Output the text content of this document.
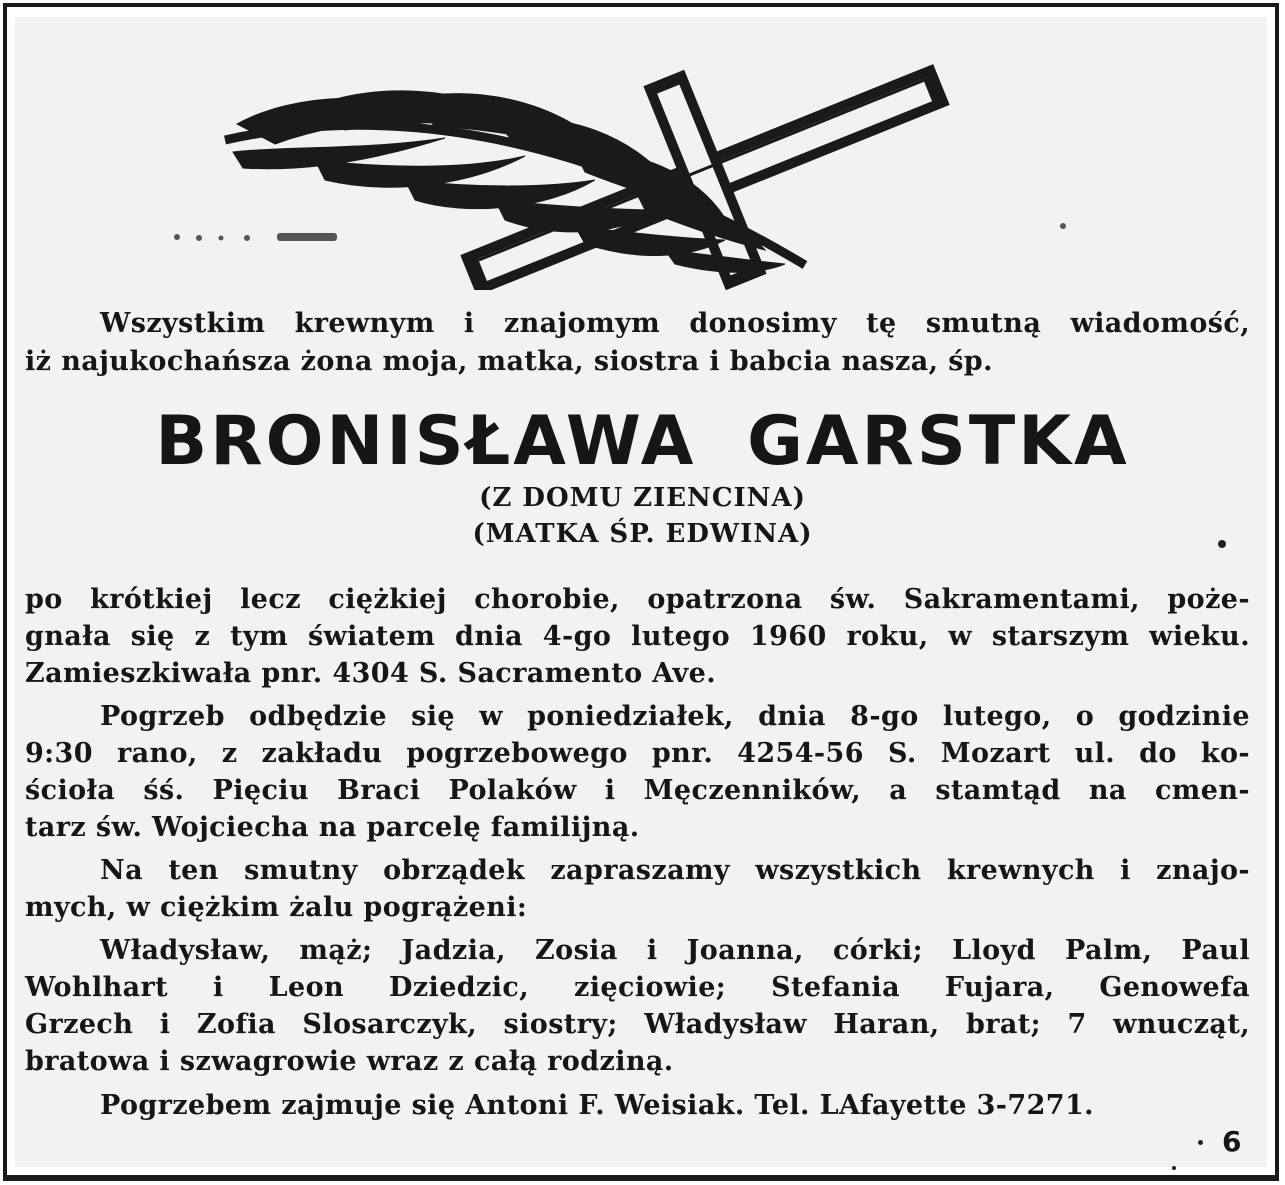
Wszystkim krewnym i znajomym donosimy tę smutną wiadomość,
iż najukochańsza żona moja, matka, siostra i babcia nasza, śp.
BRONISŁAWA GARSTKA
(Z DOMU ZIENCINA)
(MATKA ŚP. EDWINA)
po krótkiej lecz ciężkiej chorobie, opatrzona św. Sakramentami, poże-
gnała się z tym światem dnia 4-go lutego 1960 roku, w starszym wieku.
Zamieszkiwała pnr. 4304 S. Sacramento Ave.
Pogrzeb odbędzie się w poniedziałek, dnia 8-go lutego, o godzinie
9:30 rano, z zakładu pogrzebowego pnr. 4254-56 S. Mozart ul. do ko-
ścioła śś. Pięciu Braci Polaków i Męczenników, a stamtąd na cmen-
tarz św. Wojciecha na parcelę familijną.
Na ten smutny obrządek zapraszamy wszystkich krewnych i znajo-
mych, w ciężkim żalu pogrążeni:
Władysław, mąż; Jadzia, Zosia i Joanna, córki; Lloyd Palm, Paul
Wohlhart i Leon Dziedzic, zięciowie; Stefania Fujara, Genowefa
Grzech i Zofia Slosarczyk, siostry; Władysław Haran, brat; 7 wnucząt,
bratowa i szwagrowie wraz z całą rodziną.
Pogrzebem zajmuje się Antoni F. Weisiak. Tel. LAfayette 3-7271.
6
